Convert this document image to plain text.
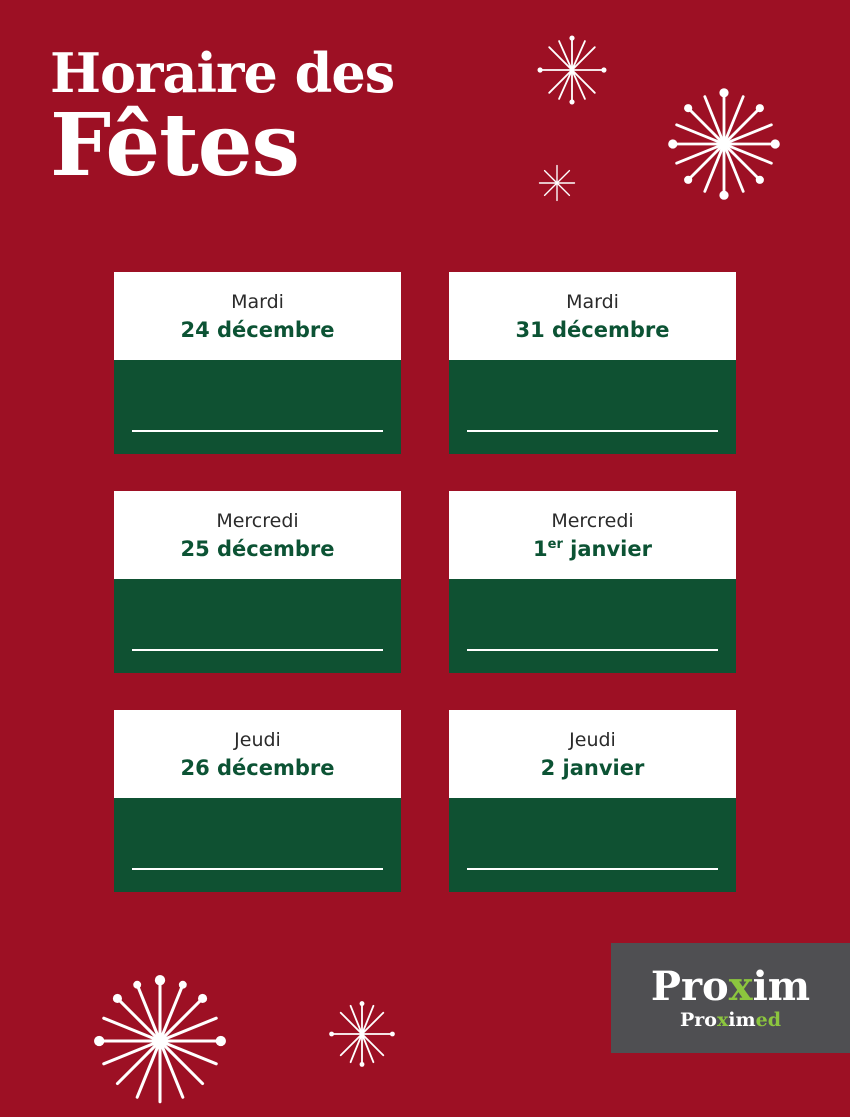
Horaire des
Fêtes
Mardi
24 décembre
Mardi
31 décembre
Mercredi
25 décembre
Mercredi
1er janvier
Jeudi
26 décembre
Jeudi
2 janvier
Proxim
Proximed
